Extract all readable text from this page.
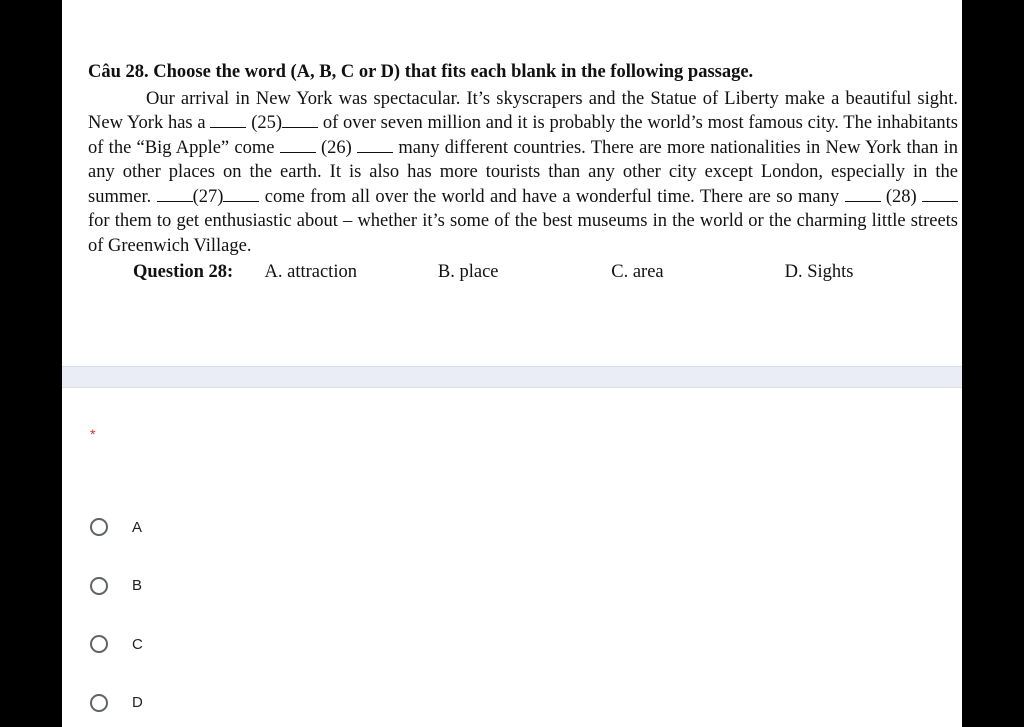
Câu 28. Choose the word (A, B, C or D) that fits each blank in the following passage.

Our arrival in New York was spectacular. It’s skyscrapers and the Statue of Liberty make a beautiful sight. New York has a (25) of over seven million and it is probably the world’s most famous city. The inhabitants of the “Big Apple” come	(26)	many different countries. There are more nationalities in New York than in any other places on the earth. It is also has more tourists than any other city except London, especially in the summer. (27) come from all over the world and have a wonderful time. There are so many	(28)  for them to get enthusiastic about – whether it’s some of the best museums in the world or the charming little streets of Greenwich Village.

Question 28:	A. attraction	B. place	C. area	D. Sights
*
A
B
C
D
